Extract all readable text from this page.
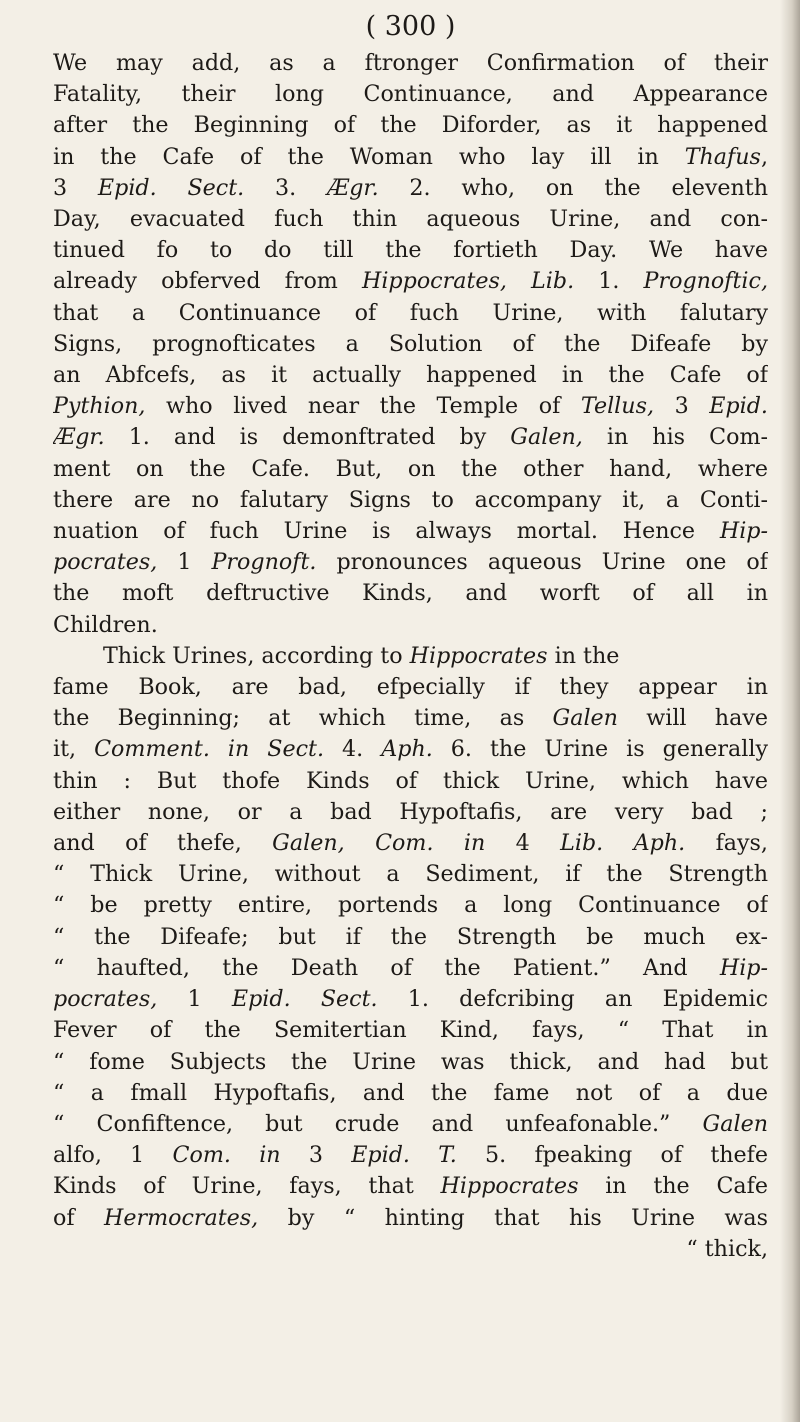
( 300 )
We may add, as a ftronger Confirmation of their
Fatality, their long Continuance, and Appearance
after the Beginning of the Diforder, as it happened
in the Cafe of the Woman who lay ill in Thafus,
3 Epid. Sect. 3. Ægr. 2. who, on the eleventh
Day, evacuated fuch thin aqueous Urine, and con-
tinued fo to do till the fortieth Day. We have
already obferved from Hippocrates, Lib. 1. Prognoftic,
that a Continuance of fuch Urine, with falutary
Signs, prognofticates a Solution of the Difeafe by
an Abfcefs, as it actually happened in the Cafe of
Pythion, who lived near the Temple of Tellus, 3 Epid.
Ægr. 1. and is demonftrated by Galen, in his Com-
ment on the Cafe. But, on the other hand, where
there are no falutary Signs to accompany it, a Conti-
nuation of fuch Urine is always mortal. Hence Hip-
pocrates, 1 Prognoft. pronounces aqueous Urine one of
the moft deftructive Kinds, and worft of all in
Children.
Thick Urines, according to Hippocrates in the
fame Book, are bad, efpecially if they appear in
the Beginning; at which time, as Galen will have
it, Comment. in Sect. 4. Aph. 6. the Urine is generally
thin : But thofe Kinds of thick Urine, which have
either none, or a bad Hypoftafis, are very bad ;
and of thefe, Galen, Com. in 4 Lib. Aph. fays,
“ Thick Urine, without a Sediment, if the Strength
“ be pretty entire, portends a long Continuance of
“ the Difeafe; but if the Strength be much ex-
“ haufted, the Death of the Patient.” And Hip-
pocrates, 1 Epid. Sect. 1. defcribing an Epidemic
Fever of the Semitertian Kind, fays, “ That in
“ fome Subjects the Urine was thick, and had but
“ a fmall Hypoftafis, and the fame not of a due
“ Confiftence, but crude and unfeafonable.” Galen
alfo, 1 Com. in 3 Epid. T. 5. fpeaking of thefe
Kinds of Urine, fays, that Hippocrates in the Cafe
of Hermocrates, by “ hinting that his Urine was
“ thick,
